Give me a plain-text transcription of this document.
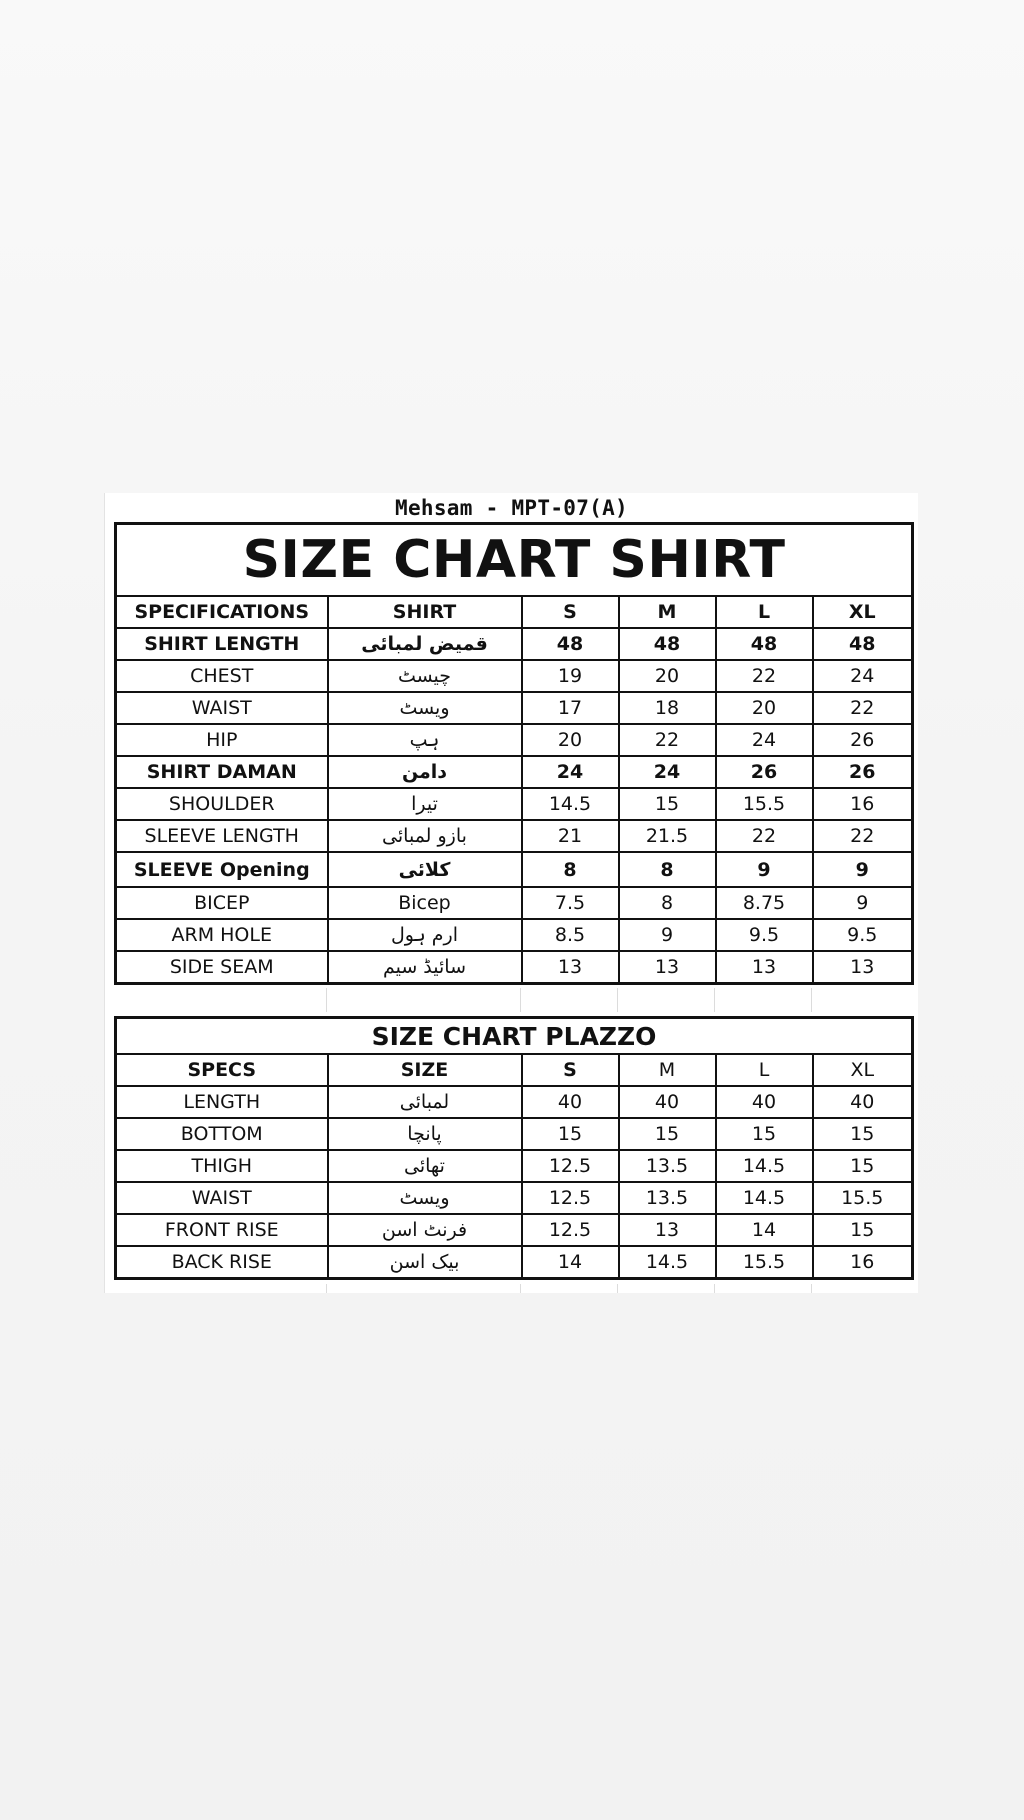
Mehsam - MPT-07(A)
SIZE CHART SHIRT					
SPECIFICATIONS	SHIRT	S	M	L	XL
SHIRT LENGTH	قمیض لمبائی	48	48	48	48
CHEST	چیسٹ	19	20	22	24
WAIST	ویسٹ	17	18	20	22
HIP	ہپ	20	22	24	26
SHIRT DAMAN	دامن	24	24	26	26
SHOULDER	تیرا	14.5	15	15.5	16
SLEEVE LENGTH	بازو لمبائی	21	21.5	22	22
SLEEVE Opening	کلائی	8	8	9	9
BICEP	Bicep	7.5	8	8.75	9
ARM HOLE	ارم ہول	8.5	9	9.5	9.5
SIDE SEAM	سائیڈ سیم	13	13	13	13
SIZE CHART PLAZZO					
SPECS	SIZE	S	M	L	XL
LENGTH	لمبائی	40	40	40	40
BOTTOM	پانچا	15	15	15	15
THIGH	تھائی	12.5	13.5	14.5	15
WAIST	ویسٹ	12.5	13.5	14.5	15.5
FRONT RISE	فرنٹ اسن	12.5	13	14	15
BACK RISE	بیک اسن	14	14.5	15.5	16
